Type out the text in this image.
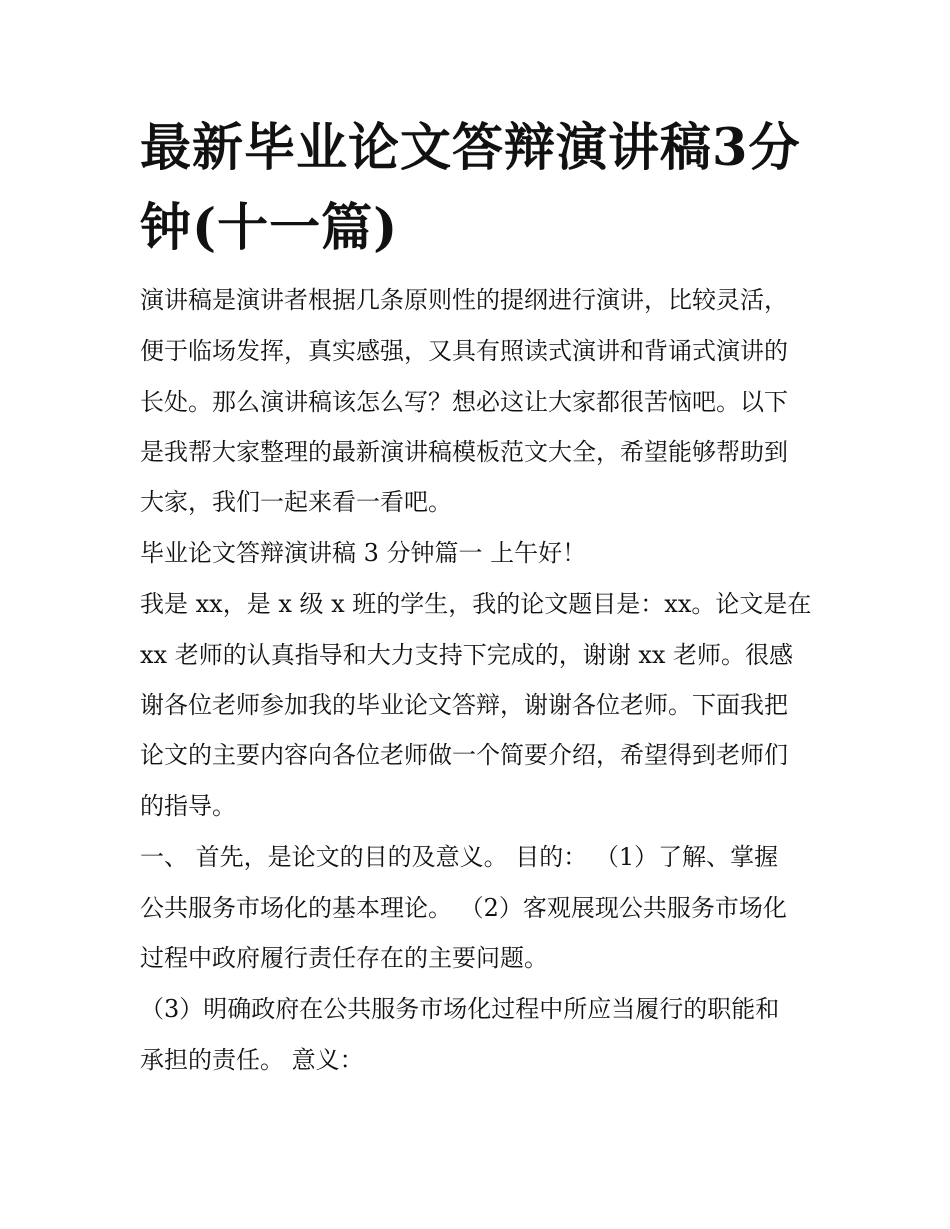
最新毕业论文答辩演讲稿3分
钟(十一篇)

演讲稿是演讲者根据几条原则性的提纲进行演讲，比较灵活，

便于临场发挥，真实感强，又具有照读式演讲和背诵式演讲的

长处。那么演讲稿该怎么写？想必这让大家都很苦恼吧。以下

是我帮大家整理的最新演讲稿模板范文大全，希望能够帮助到

大家，我们一起来看一看吧。

毕业论文答辩演讲稿 3 分钟篇一 上午好！

我是 xx，是 x 级 x 班的学生，我的论文题目是：xx。论文是在

xx 老师的认真指导和大力支持下完成的，谢谢 xx 老师。很感

谢各位老师参加我的毕业论文答辩，谢谢各位老师。下面我把

论文的主要内容向各位老师做一个简要介绍，希望得到老师们

的指导。

一、 首先，是论文的目的及意义。 目的： （1）了解、掌握

公共服务市场化的基本理论。 （2）客观展现公共服务市场化

过程中政府履行责任存在的主要问题。

（3）明确政府在公共服务市场化过程中所应当履行的职能和

承担的责任。 意义：
